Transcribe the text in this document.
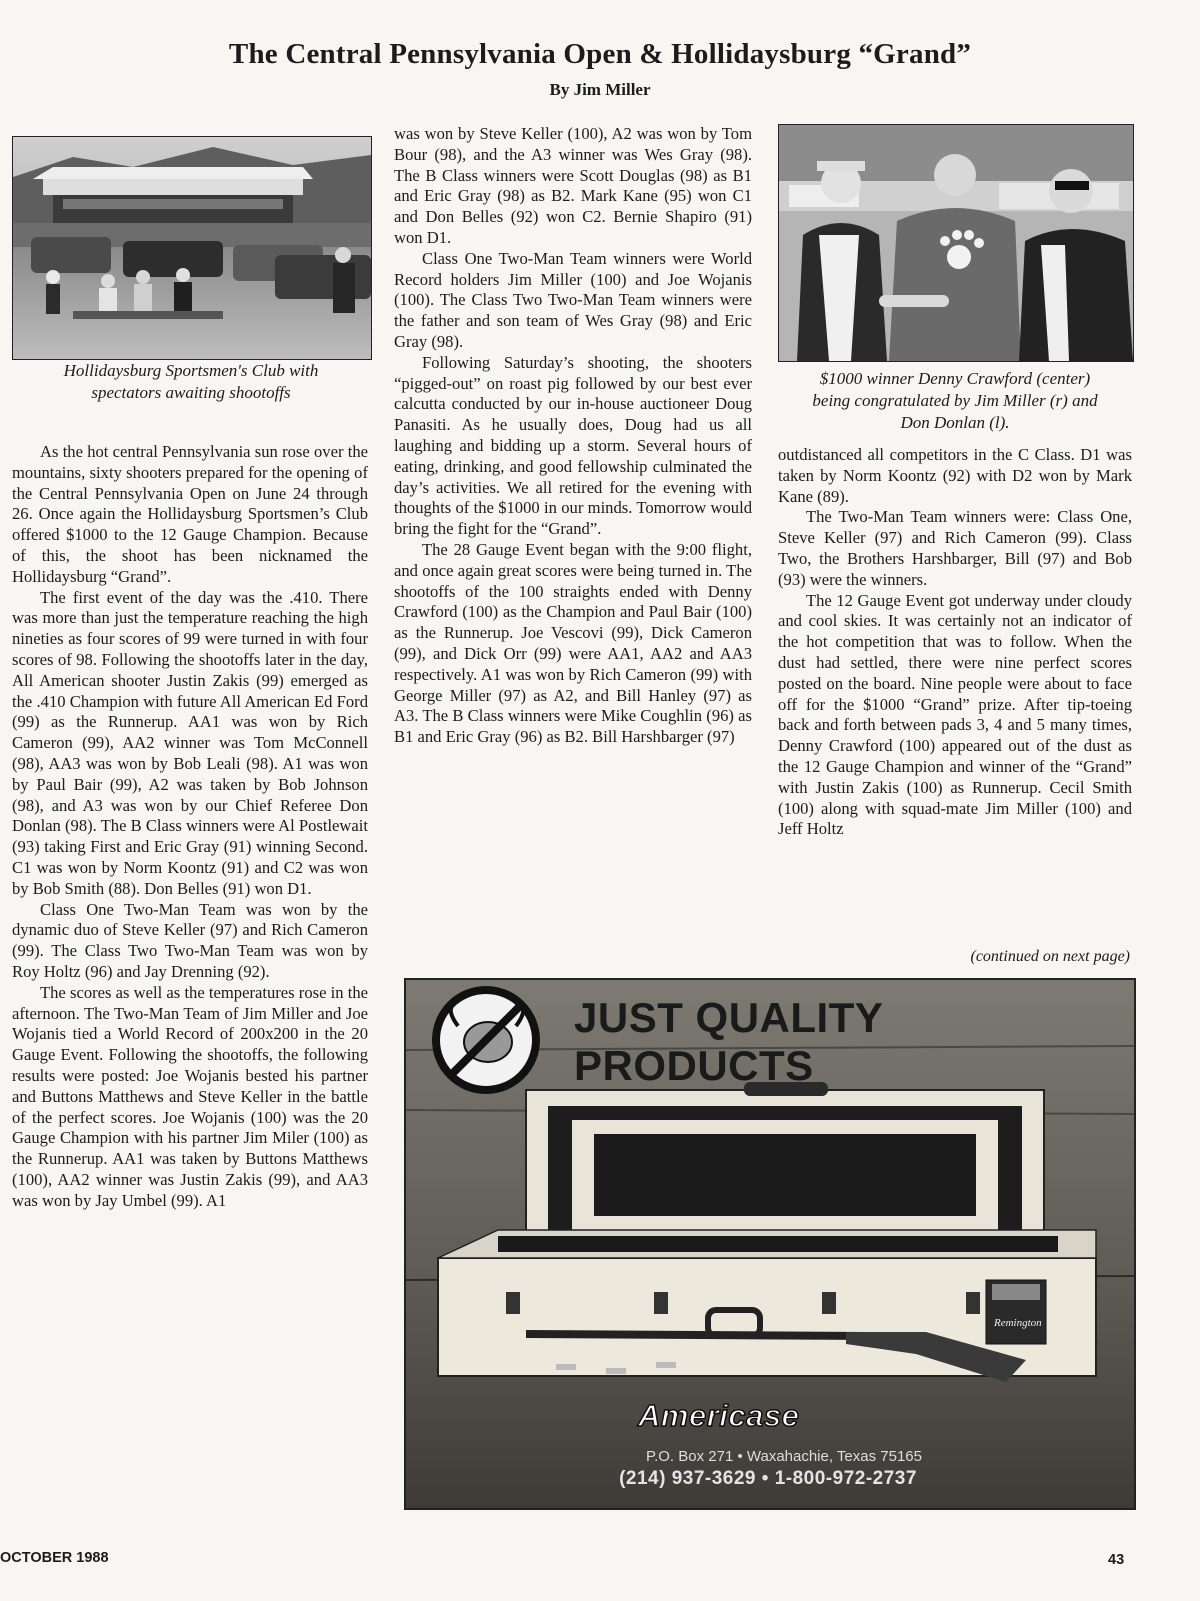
The Central Pennsylvania Open & Hollidaysburg “Grand”
By Jim Miller
Hollidaysburg Sportsmen's Club with
spectators awaiting shootoffs
$1000 winner Denny Crawford (center)
being congratulated by Jim Miller (r) and
Don Donlan (l).

As the hot central Pennsylvania sun rose over the mountains, sixty shooters prepared for the opening of the Central Pennsylvania Open on June 24 through 26. Once again the Hollidaysburg Sportsmen’s Club offered $1000 to the 12 Gauge Champion. Because of this, the shoot has been nicknamed the Hollidaysburg “Grand”.

The first event of the day was the .410. There was more than just the temperature reaching the high nineties as four scores of 99 were turned in with four scores of 98. Following the shootoffs later in the day, All American shooter Justin Zakis (99) emerged as the .410 Champion with future All American Ed Ford (99) as the Runnerup. AA1 was won by Rich Cameron (99), AA2 winner was Tom McConnell (98), AA3 was won by Bob Leali (98). A1 was won by Paul Bair (99), A2 was taken by Bob Johnson (98), and A3 was won by our Chief Referee Don Donlan (98). The B Class winners were Al Postlewait (93) taking First and Eric Gray (91) winning Second. C1 was won by Norm Koontz (91) and C2 was won by Bob Smith (88). Don Belles (91) won D1.

Class One Two-Man Team was won by the dynamic duo of Steve Keller (97) and Rich Cameron (99). The Class Two Two-Man Team was won by Roy Holtz (96) and Jay Drenning (92).

The scores as well as the temperatures rose in the afternoon. The Two-Man Team of Jim Miller and Joe Wojanis tied a World Record of 200x200 in the 20 Gauge Event. Following the shootoffs, the following results were posted: Joe Wojanis bested his partner and Buttons Matthews and Steve Keller in the battle of the perfect scores. Joe Wojanis (100) was the 20 Gauge Champion with his partner Jim Miler (100) as the Runnerup. AA1 was taken by Buttons Matthews (100), AA2 winner was Justin Zakis (99), and AA3 was won by Jay Umbel (99). A1

was won by Steve Keller (100), A2 was won by Tom Bour (98), and the A3 winner was Wes Gray (98). The B Class winners were Scott Douglas (98) as B1 and Eric Gray (98) as B2. Mark Kane (95) won C1 and Don Belles (92) won C2. Bernie Shapiro (91) won D1.

Class One Two-Man Team winners were World Record holders Jim Miller (100) and Joe Wojanis (100). The Class Two Two-Man Team winners were the father and son team of Wes Gray (98) and Eric Gray (98).

Following Saturday’s shooting, the shooters “pigged-out” on roast pig followed by our best ever calcutta conducted by our in-house auctioneer Doug Panasiti. As he usually does, Doug had us all laughing and bidding up a storm. Several hours of eating, drinking, and good fellowship culminated the day’s activities. We all retired for the evening with thoughts of the $1000 in our minds. Tomorrow would bring the fight for the “Grand”.

The 28 Gauge Event began with the 9:00 flight, and once again great scores were being turned in. The shootoffs of the 100 straights ended with Denny Crawford (100) as the Champion and Paul Bair (100) as the Runnerup. Joe Vescovi (99), Dick Cameron (99), and Dick Orr (99) were AA1, AA2 and AA3 respectively. A1 was won by Rich Cameron (99) with George Miller (97) as A2, and Bill Hanley (97) as A3. The B Class winners were Mike Coughlin (96) as B1 and Eric Gray (96) as B2. Bill Harshbarger (97)

outdistanced all competitors in the C Class. D1 was taken by Norm Koontz (92) with D2 won by Mark Kane (89).

The Two-Man Team winners were: Class One, Steve Keller (97) and Rich Cameron (99). Class Two, the Brothers Harshbarger, Bill (97) and Bob (93) were the winners.

The 12 Gauge Event got underway under cloudy and cool skies. It was certainly not an indicator of the hot competition that was to follow. When the dust had settled, there were nine perfect scores posted on the board. Nine people were about to face off for the $1000 “Grand” prize. After tip-toeing back and forth between pads 3, 4 and 5 many times, Denny Crawford (100) appeared out of the dust as the 12 Gauge Champion and winner of the “Grand” with Justin Zakis (100) as Runnerup. Cecil Smith (100) along with squad-mate Jim Miller (100) and Jeff Holtz

(continued on next page)
Remington
JUST QUALITY PRODUCTS
Americase
P.O. Box 271 • Waxahachie, Texas 75165
(214) 937-3629 • 1-800-972-2737
OCTOBER 1988	43
